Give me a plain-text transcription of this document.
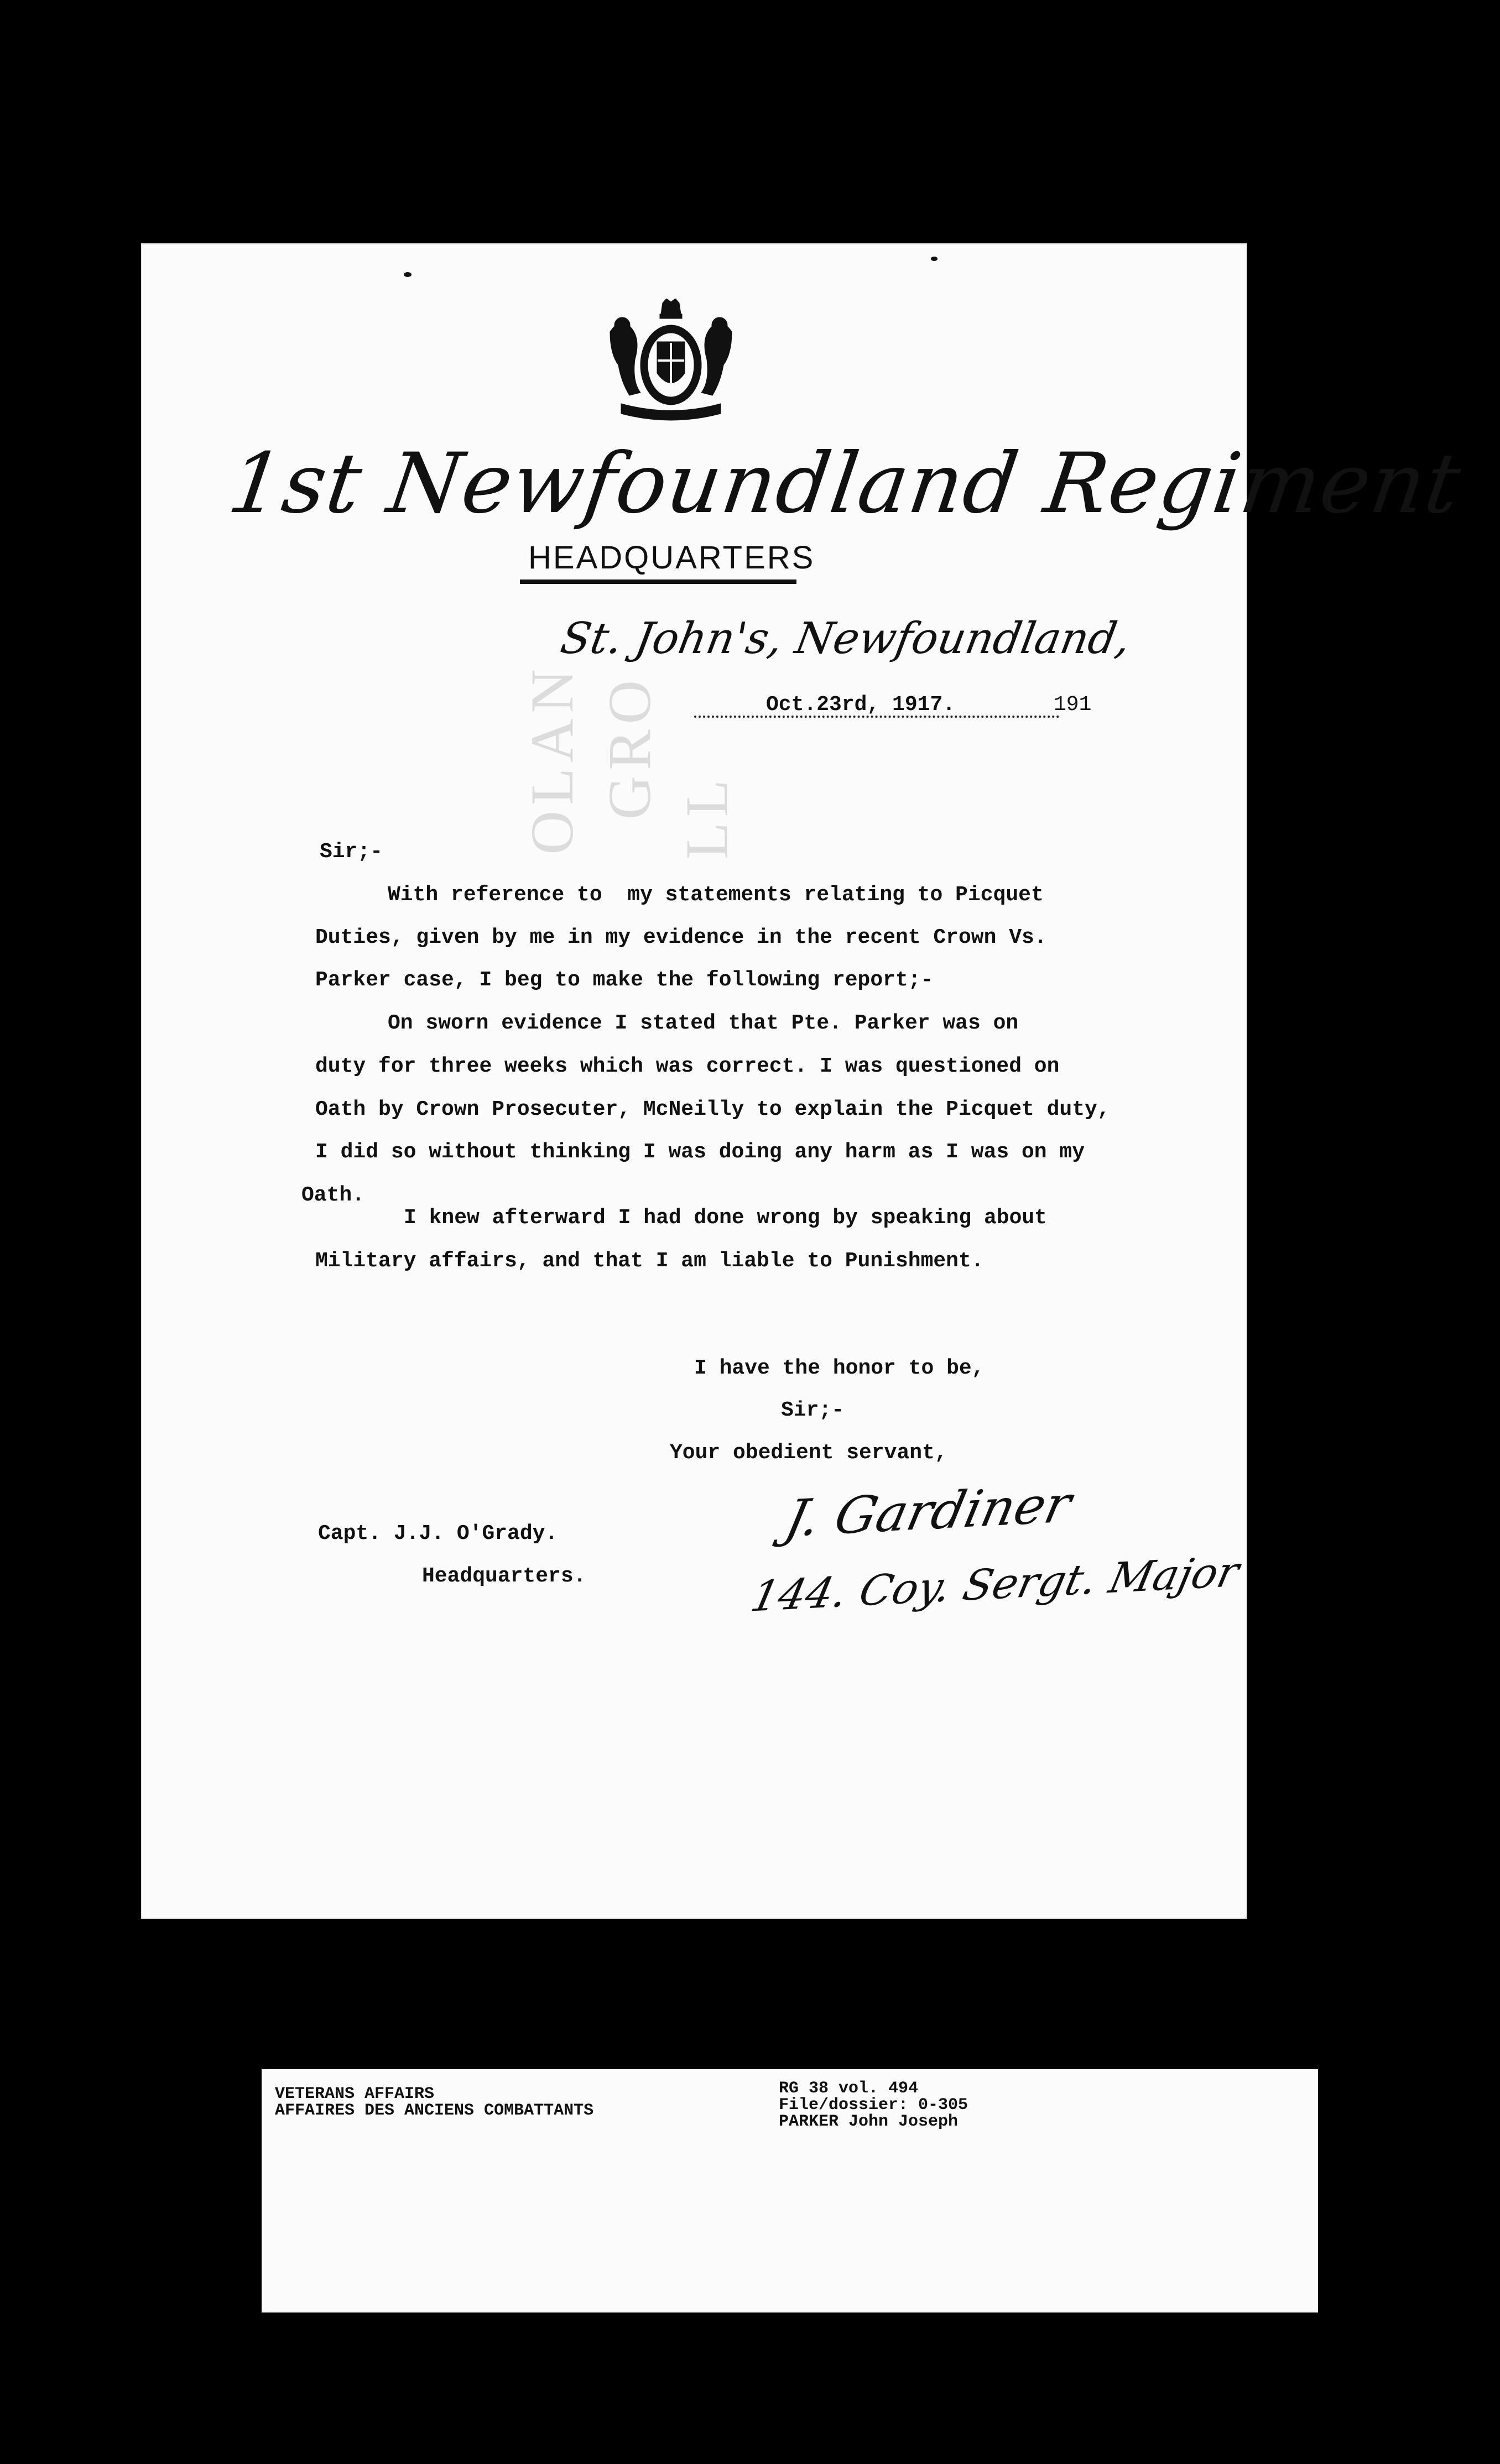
1st Newfoundland Regiment
HEADQUARTERS
St. John's, Newfoundland,
OLAN GRO LL
Oct.23rd, 1917.	191
Sir;-
With reference to  my statements relating to Picquet
Duties, given by me in my evidence in the recent Crown Vs.
Parker case, I beg to make the following report;-
On sworn evidence I stated that Pte. Parker was on
duty for three weeks which was correct. I was questioned on
Oath by Crown Prosecuter, McNeilly to explain the Picquet duty,
I did so without thinking I was doing any harm as I was on my
Oath.
I knew afterward I had done wrong by speaking about
Military affairs, and that I am liable to Punishment.
I have the honor to be,
Sir;-
Your obedient servant,
Capt. J.J. O'Grady.
Headquarters.
J. Gardiner
144. Coy. Sergt. Major
VETERANS AFFAIRS
AFFAIRES DES ANCIENS COMBATTANTS
RG 38 vol. 494
File/dossier: 0-305
PARKER John Joseph
